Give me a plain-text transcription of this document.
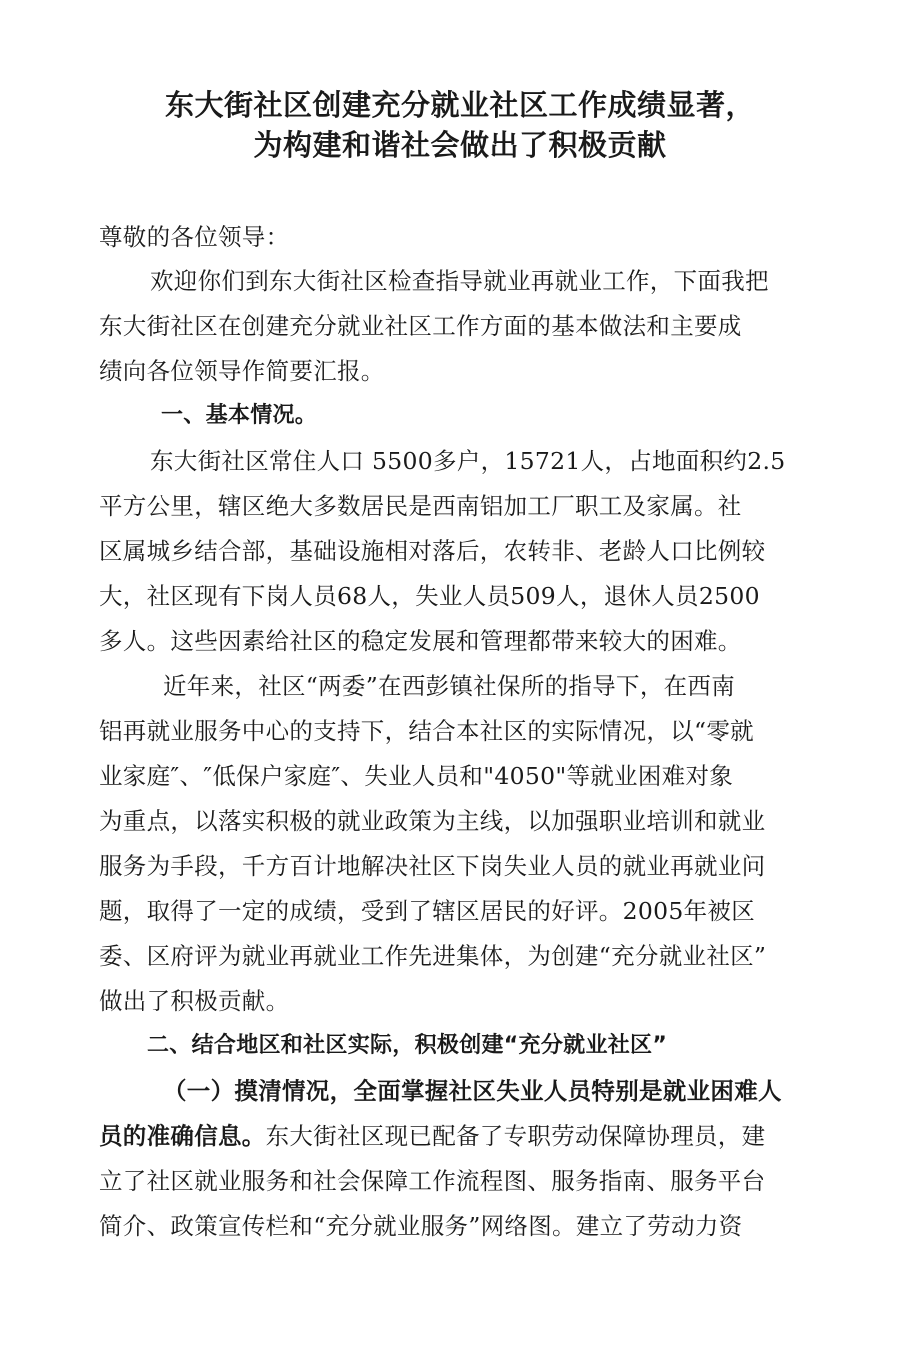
东大街社区创建充分就业社区工作成绩显著，
为构建和谐社会做出了积极贡献
尊敬的各位领导：
欢迎你们到东大街社区检查指导就业再就业工作，下面我把
东大街社区在创建充分就业社区工作方面的基本做法和主要成
绩向各位领导作简要汇报。
一、基本情况。
东大街社区常住人口 5500多户，15721人，占地面积约2.5
平方公里，辖区绝大多数居民是西南铝加工厂职工及家属。社
区属城乡结合部，基础设施相对落后，农转非、老龄人口比例较
大，社区现有下岗人员68人，失业人员509人，退休人员2500
多人。这些因素给社区的稳定发展和管理都带来较大的困难。
近年来，社区“两委”在西彭镇社保所的指导下，在西南
铝再就业服务中心的支持下，结合本社区的实际情况，以“零就
业家庭″、″低保户家庭″、失业人员和"4050"等就业困难对象
为重点，以落实积极的就业政策为主线，以加强职业培训和就业
服务为手段，千方百计地解决社区下岗失业人员的就业再就业问
题，取得了一定的成绩，受到了辖区居民的好评。2005年被区
委、区府评为就业再就业工作先进集体，为创建“充分就业社区”
做出了积极贡献。
二、结合地区和社区实际，积极创建“充分就业社区”
（一）摸清情况，全面掌握社区失业人员特别是就业困难人
员的准确信息。东大街社区现已配备了专职劳动保障协理员，建
立了社区就业服务和社会保障工作流程图、服务指南、服务平台
简介、政策宣传栏和“充分就业服务”网络图。建立了劳动力资
